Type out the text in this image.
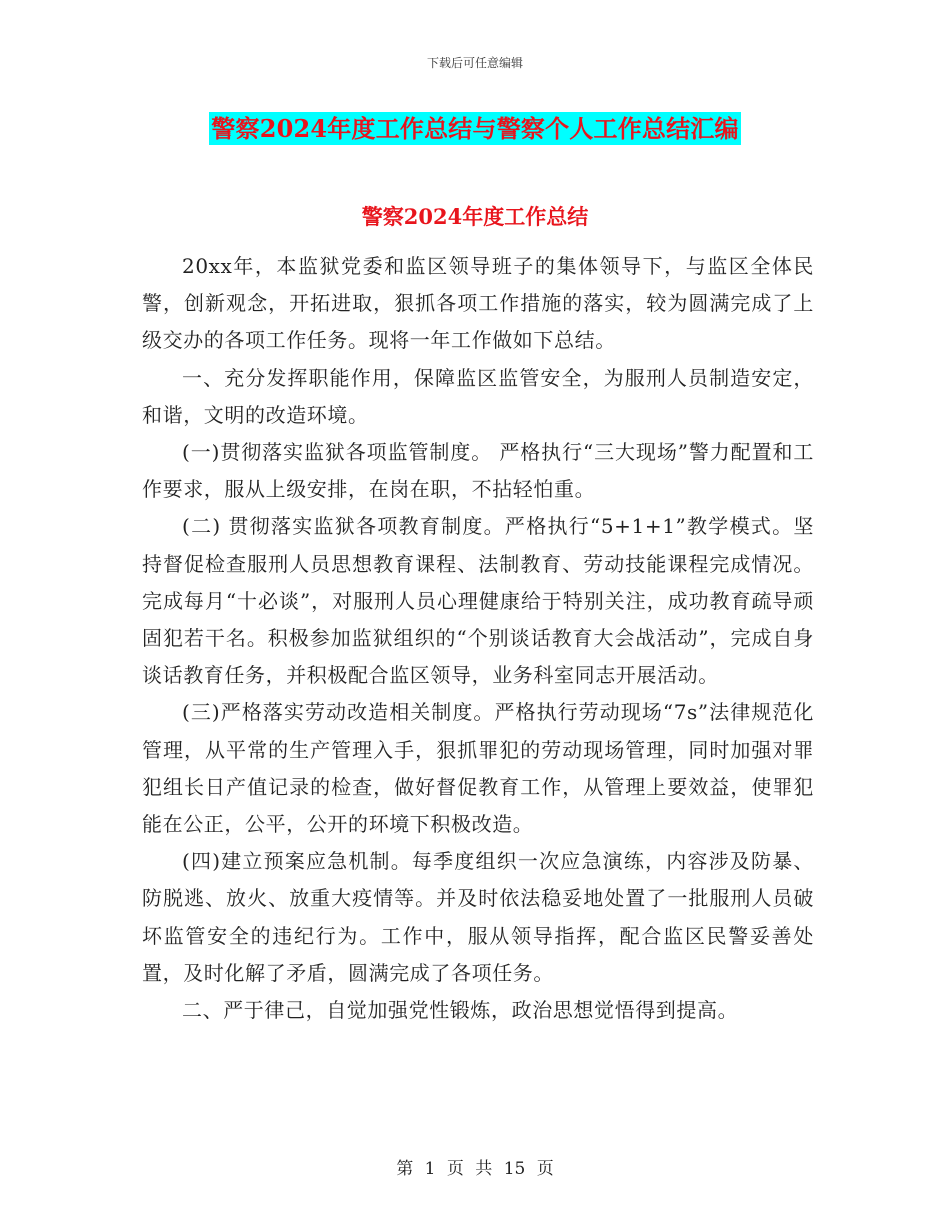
下载后可任意编辑
警察2024年度工作总结与警察个人工作总结汇编
警察2024年度工作总结

20xx年，本监狱党委和监区领导班子的集体领导下，与监区全体民警，创新观念，开拓进取，狠抓各项工作措施的落实，较为圆满完成了上级交办的各项工作任务。现将一年工作做如下总结。

一、充分发挥职能作用，保障监区监管安全，为服刑人员制造安定，和谐，文明的改造环境。

(一)贯彻落实监狱各项监管制度。 严格执行“三大现场”警力配置和工作要求，服从上级安排，在岗在职，不拈轻怕重。

(二) 贯彻落实监狱各项教育制度。严格执行“5+1+1”教学模式。坚持督促检查服刑人员思想教育课程、法制教育、劳动技能课程完成情况。完成每月“十必谈”，对服刑人员心理健康给于特别关注，成功教育疏导顽固犯若干名。积极参加监狱组织的“个别谈话教育大会战活动”，完成自身谈话教育任务，并积极配合监区领导，业务科室同志开展活动。

(三)严格落实劳动改造相关制度。严格执行劳动现场“7s”法律规范化管理，从平常的生产管理入手，狠抓罪犯的劳动现场管理，同时加强对罪犯组长日产值记录的检查，做好督促教育工作，从管理上要效益，使罪犯能在公正，公平，公开的环境下积极改造。

(四)建立预案应急机制。每季度组织一次应急演练，内容涉及防暴、防脱逃、放火、放重大疫情等。并及时依法稳妥地处置了一批服刑人员破坏监管安全的违纪行为。工作中，服从领导指挥，配合监区民警妥善处置，及时化解了矛盾，圆满完成了各项任务。

二、严于律己，自觉加强党性锻炼，政治思想觉悟得到提高。

第 1 页 共 15 页
